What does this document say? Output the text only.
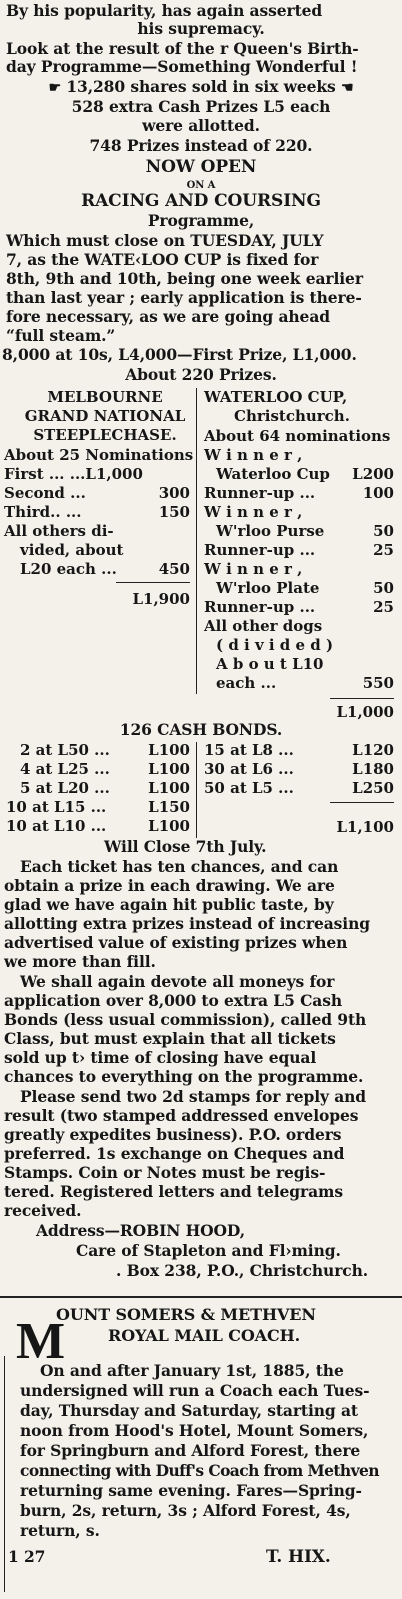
By his popularity, has again asserted
his supremacy.
Look at the result of the r Queen's Birth-
day Programme—Something Wonderful !
☛ 13,280 shares sold in six weeks ☚
528 extra Cash Prizes L5 each
were allotted.
748 Prizes instead of 220.
NOW OPEN
ON A
RACING AND COURSING
Programme,
Which must close on TUESDAY, JULY
7, as the WATE‹LOO CUP is fixed for
8th, 9th and 10th, being one week earlier
than last year ; early application is there-
fore necessary, as we are going ahead
“full steam.”
8,000 at 10s, L4,000—First Prize, L1,000.
About 220 Prizes.
MELBOURNE
GRAND NATIONAL
STEEPLECHASE.
About 25 Nominations
First ... ...L1,000
Second ...	300
Third.. ...	150
All others di-
vided, about
L20 each ...	450
L1,900
WATERLOO CUP,
Christchurch.
About 64 nominations
W i n n e r ,
Waterloo Cup L200
Runner-up ...	100
W i n n e r ,
W'rloo Purse	50
Runner-up ...	25
W i n n e r ,
W'rloo Plate	50
Runner-up ...	25
All other dogs
( d i v i d e d )
A b o u t L10
each ...	550
L1,000
126 CASH BONDS.
2 at L50 ...	L100
4 at L25 ...	L100
5 at L20 ...	L100
10 at L15 ...	L150
10 at L10 ...	L100
15 at L8 ...	L120
30 at L6 ...	L180
50 at L5 ...	L250
L1,100
Will Close 7th July.
Each ticket has ten chances, and can
obtain a prize in each drawing. We are
glad we have again hit public taste, by
allotting extra prizes instead of increasing
advertised value of existing prizes when
we more than fill.
We shall again devote all moneys for
application over 8,000 to extra L5 Cash
Bonds (less usual commission), called 9th
Class, but must explain that all tickets
sold up t› time of closing have equal
chances to everything on the programme.
Please send two 2d stamps for reply and
result (two stamped addressed envelopes
greatly expedites business). P.O. orders
preferred. 1s exchange on Cheques and
Stamps. Coin or Notes must be regis-
tered. Registered letters and telegrams
received.
Address—ROBIN HOOD,
Care of Stapleton and Fl›ming.
. Box 238, P.O., Christchurch.
M
OUNT SOMERS & METHVEN
ROYAL MAIL COACH.
On and after January 1st, 1885, the
undersigned will run a Coach each Tues-
day, Thursday and Saturday, starting at
noon from Hood's Hotel, Mount Somers,
for Springburn and Alford Forest, there
connecting with Duff's Coach from Methven
returning same evening. Fares—Spring-
burn, 2s, return, 3s ; Alford Forest, 4s,
return, s.
1 27	T. HIX.
